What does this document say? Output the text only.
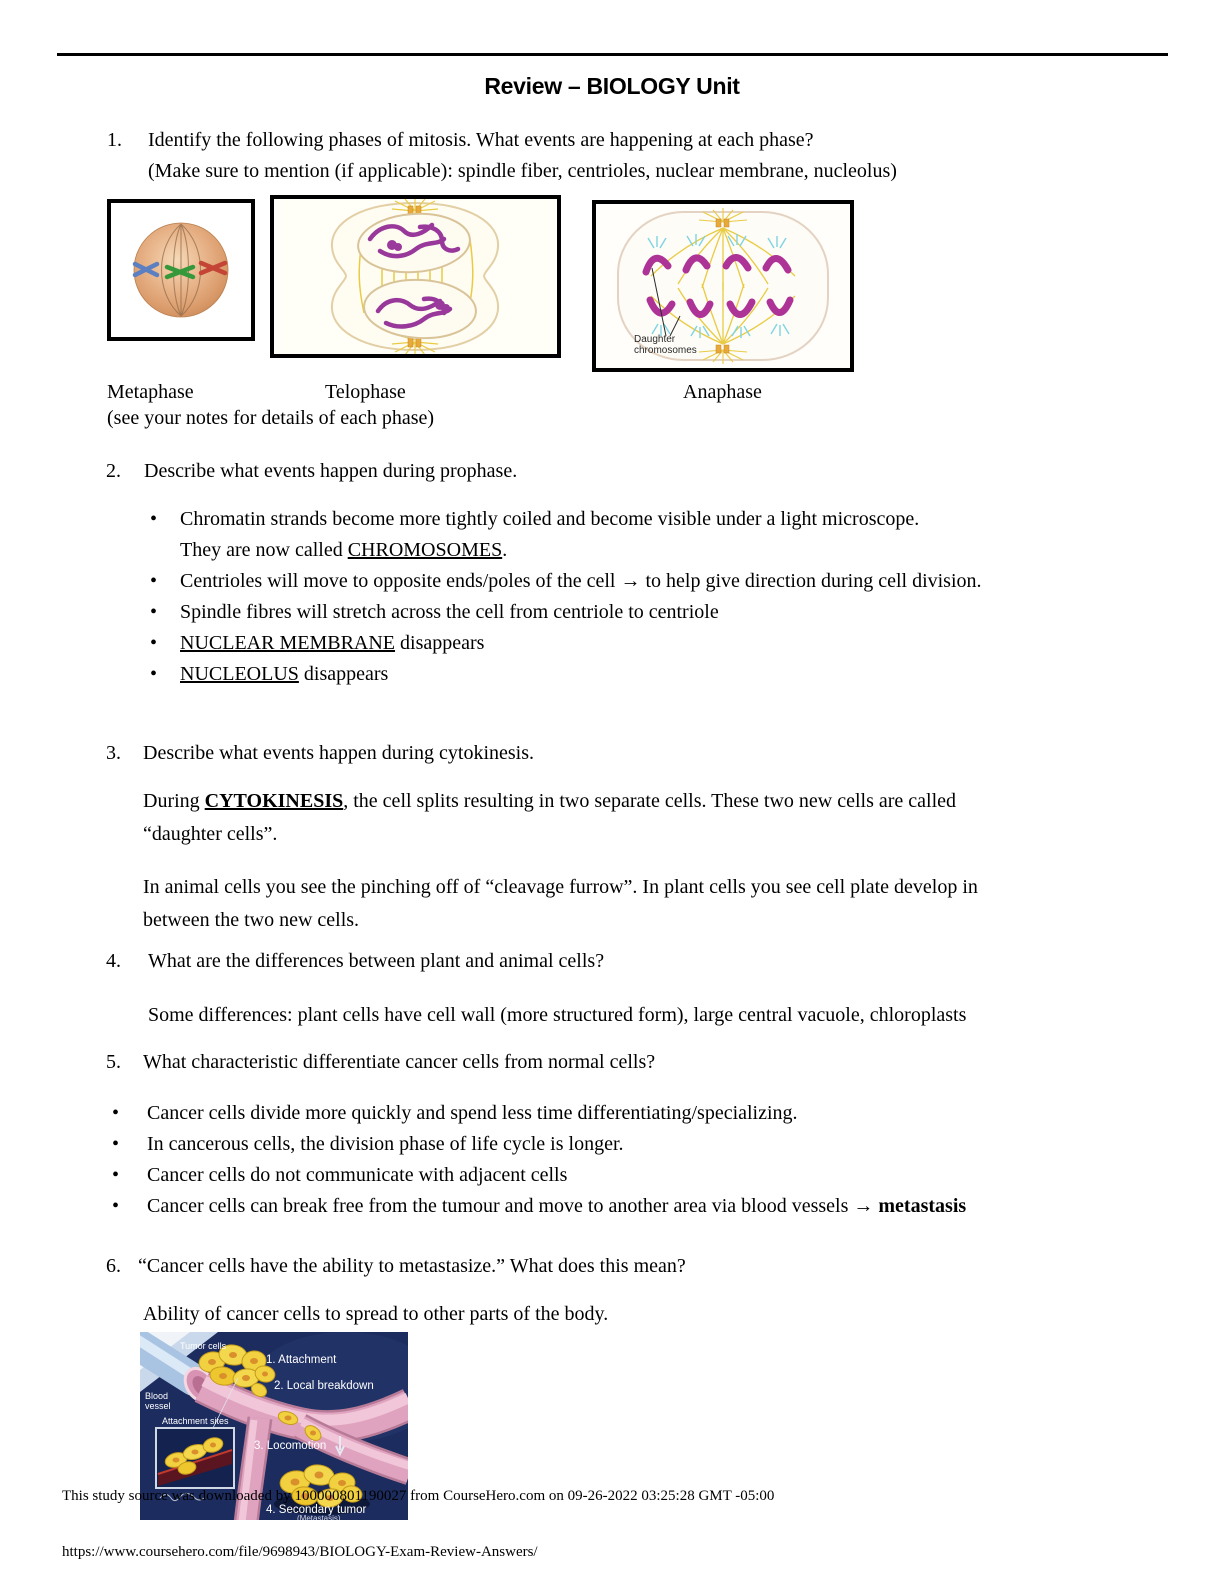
Review – BIOLOGY Unit
1.	Identify the following phases of mitosis. What events are happening at each phase?
(Make sure to mention (if applicable): spindle fiber, centrioles, nuclear membrane, nucleolus)
Daughter
chromosomes
Metaphase	Telophase	Anaphase
(see your notes for details of each phase)
2.	Describe what events happen during prophase.
•	Chromatin strands become more tightly coiled and become visible under a light microscope.
They are now called CHROMOSOMES.
•	Centrioles will move to opposite ends/poles of the cell → to help give direction during cell division.
•	Spindle fibres will stretch across the cell from centriole to centriole
•	NUCLEAR MEMBRANE disappears
•	NUCLEOLUS disappears
3.	Describe what events happen during cytokinesis.
During CYTOKINESIS, the cell splits resulting in two separate cells. These two new cells are called
“daughter cells”.
In animal cells you see the pinching off of “cleavage furrow”. In plant cells you see cell plate develop in
between the two new cells.
4.	What are the differences between plant and animal cells?
Some differences: plant cells have cell wall (more structured form), large central vacuole, chloroplasts
5.	What characteristic differentiate cancer cells from normal cells?
•	Cancer cells divide more quickly and spend less time differentiating/specializing.
•	In cancerous cells, the division phase of life cycle is longer.
•	Cancer cells do not communicate with adjacent cells
•	Cancer cells can break free from the tumour and move to another area via blood vessels → metastasis
6. “Cancer cells have the ability to metastasize.” What does this mean?
Ability of cancer cells to spread to other parts of the body.
Tumor cells
Blood
vessel
Attachment sites
1. Attachment
2. Local breakdown
3. Locomotion
4. Secondary tumor
(Metastasis)
This study source was downloaded by 100000801190027 from CourseHero.com on 09-26-2022 03:25:28 GMT -05:00
https://www.coursehero.com/file/9698943/BIOLOGY-Exam-Review-Answers/
